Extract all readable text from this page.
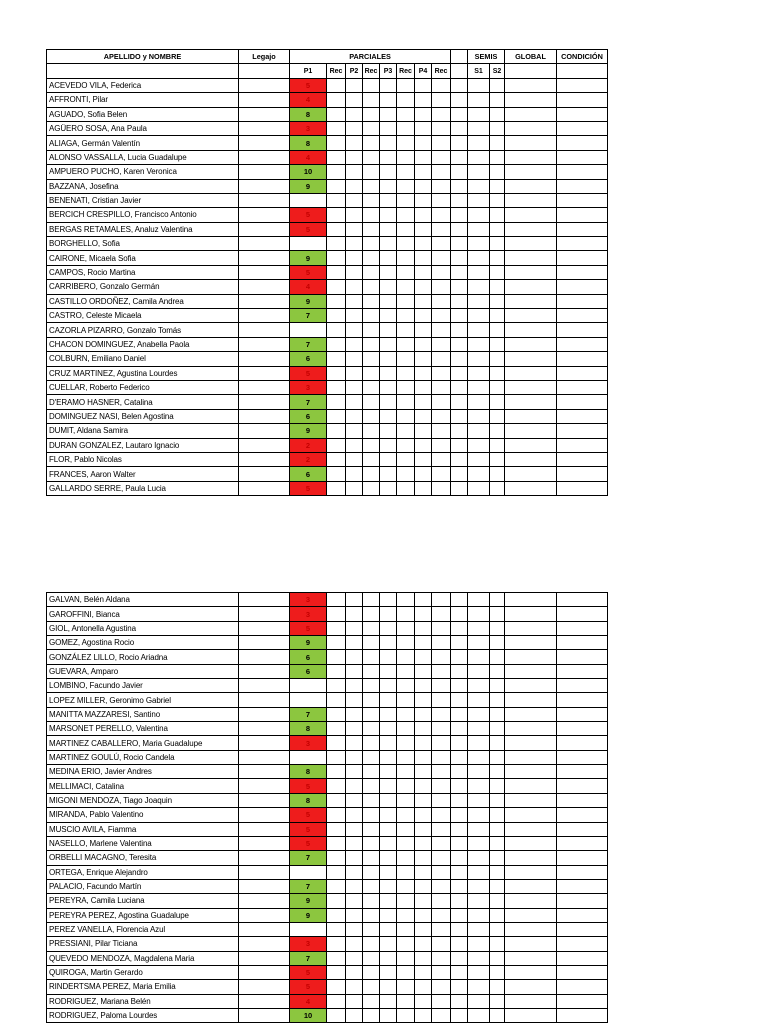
APELLIDO y NOMBRE	Legajo	PARCIALES									SEMIS		GLOBAL	CONDICIÓN
		P1	Rec	P2	Rec	P3	Rec	P4	Rec		S1	S2		
ACEVEDO VILA, Federica		5												
AFFRONTI, Pilar		4												
AGUADO, Sofia Belen		8												
AGÜERO SOSA, Ana Paula		3												
ALIAGA, Germán Valentín		8												
ALONSO VASSALLA, Lucia Guadalupe		4												
AMPUERO PUCHO, Karen Veronica		10												
BAZZANA, Josefina		9												
BENENATI, Cristian Javier														
BERCICH CRESPILLO, Francisco Antonio		5												
BERGAS RETAMALES, Analuz Valentina		5												
BORGHELLO, Sofia														
CAIRONE, Micaela Sofia		9												
CAMPOS, Rocio Martina		5												
CARRIBERO, Gonzalo Germán		4												
CASTILLO ORDOÑEZ, Camila Andrea		9												
CASTRO, Celeste Micaela		7												
CAZORLA PIZARRO, Gonzalo Tomás														
CHACON DOMINGUEZ, Anabella Paola		7												
COLBURN, Emiliano Daniel		6												
CRUZ MARTINEZ, Agustina Lourdes		5												
CUELLAR, Roberto Federico		3												
D'ERAMO HASNER, Catalina		7												
DOMINGUEZ NASI, Belen Agostina		6												
DUMIT, Aldana Samira		9												
DURAN GONZALEZ, Lautaro Ignacio		2												
FLOR, Pablo Nicolas		2												
FRANCES, Aaron Walter		6												
GALLARDO SERRE, Paula Lucia		5												
GALVAN, Belén Aldana		3												
GAROFFINI, Bianca		3												
GIOL, Antonella Agustina		5												
GOMEZ, Agostina Rocio		9												
GONZÁLEZ LILLO, Rocio Ariadna		6												
GUEVARA, Amparo		6												
LOMBINO, Facundo Javier														
LOPEZ MILLER, Geronimo Gabriel														
MANITTA MAZZARESI, Santino		7												
MARSONET PERELLO, Valentina		8												
MARTINEZ CABALLERO, Maria Guadalupe		3												
MARTINEZ GOULÚ, Rocio Candela														
MEDINA ERIO, Javier Andres		8												
MELLIMACI, Catalina		5												
MIGONI MENDOZA, Tiago Joaquin		8												
MIRANDA, Pablo Valentino		5												
MUSCIO AVILA, Fiamma		5												
NASELLO, Marlene Valentina		5												
ORBELLI MACAGNO, Teresita		7												
ORTEGA, Enrique Alejandro														
PALACIO, Facundo Martín		7												
PEREYRA, Camila Luciana		9												
PEREYRA PEREZ, Agostina Guadalupe		9												
PEREZ VANELLA, Florencia Azul														
PRESSIANI, Pilar Ticiana		3												
QUEVEDO MENDOZA, Magdalena Maria		7												
QUIROGA, Martin Gerardo		5												
RINDERTSMA PEREZ, Maria Emilia		5												
RODRIGUEZ, Mariana Belén		4												
RODRIGUEZ, Paloma Lourdes		10												
